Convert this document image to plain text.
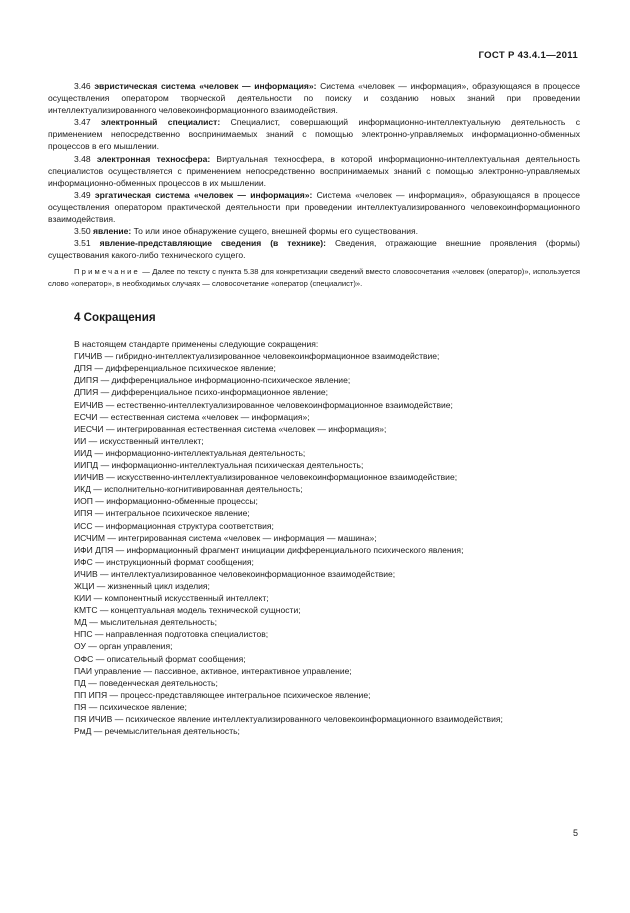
ГОСТ Р 43.4.1—2011

3.46 эвристическая система «человек — информация»: Система «человек — информация», образующаяся в процессе осуществления оператором творческой деятельности по поиску и созданию новых знаний при проведении интеллектуализированного человекоинформационного взаимодействия.

3.47 электронный специалист: Специалист, совершающий информационно-интеллектуальную деятельность с применением непосредственно воспринимаемых знаний с помощью электронно-управляемых информационно-обменных процессов в его мышлении.

3.48 электронная техносфера: Виртуальная техносфера, в которой информационно-интеллектуальная деятельность специалистов осуществляется с применением непосредственно воспринимаемых знаний с помощью электронно-управляемых информационно-обменных процессов в их мышлении.

3.49 эргатическая система «человек — информация»: Система «человек — информация», образующаяся в процессе осуществления оператором практической деятельности при проведении интеллектуализированного человекоинформационного взаимодействия.

3.50 явление: То или иное обнаружение сущего, внешней формы его существования.

3.51 явление-представляющие сведения (в технике): Сведения, отражающие внешние проявления (формы) существования какого-либо технического сущего.

Примечание — Далее по тексту с пункта 5.38 для конкретизации сведений вместо словосочетания «человек (оператор)», используется слово «оператор», в необходимых случаях — словосочетание «оператор (специалист)».

4 Сокращения

В настоящем стандарте применены следующие сокращения:

ГИЧИВ — гибридно-интеллектуализированное человекоинформационное взаимодействие;

ДПЯ — дифференциальное психическое явление;

ДИПЯ — дифференциальное информационно-психическое явление;

ДПИЯ — дифференциальное психо-информационное явление;

ЕИЧИВ — естественно-интеллектуализированное человекоинформационное взаимодействие;

ЕСЧИ — естественная система «человек — информация»;

ИЕСЧИ — интегрированная естественная система «человек — информация»;

ИИ — искусственный интеллект;

ИИД — информационно-интеллектуальная деятельность;

ИИПД — информационно-интеллектуальная психическая деятельность;

ИИЧИВ — искусственно-интеллектуализированное человекоинформационное взаимодействие;

ИКД — исполнительно-когнитивированная деятельность;

ИОП — информационно-обменные процессы;

ИПЯ — интегральное психическое явление;

ИСС — информационная структура соответствия;

ИСЧИМ — интегрированная система «человек — информация — машина»;

ИФИ ДПЯ — информационный фрагмент инициации дифференциального психического явления;

ИФС — инструкционный формат сообщения;

ИЧИВ — интеллектуализированное человекоинформационное взаимодействие;

ЖЦИ — жизненный цикл изделия;

КИИ — компонентный искусственный интеллект;

КМТС — концептуальная модель технической сущности;

МД — мыслительная деятельность;

НПС — направленная подготовка специалистов;

ОУ — орган управления;

ОФС — описательный формат сообщения;

ПАИ управление — пассивное, активное, интерактивное управление;

ПД — поведенческая деятельность;

ПП ИПЯ — процесс-представляющее интегральное психическое явление;

ПЯ — психическое явление;

ПЯ ИЧИВ — психическое явление интеллектуализированного человекоинформационного взаимодействия;

РмД — речемыслительная деятельность;

5
